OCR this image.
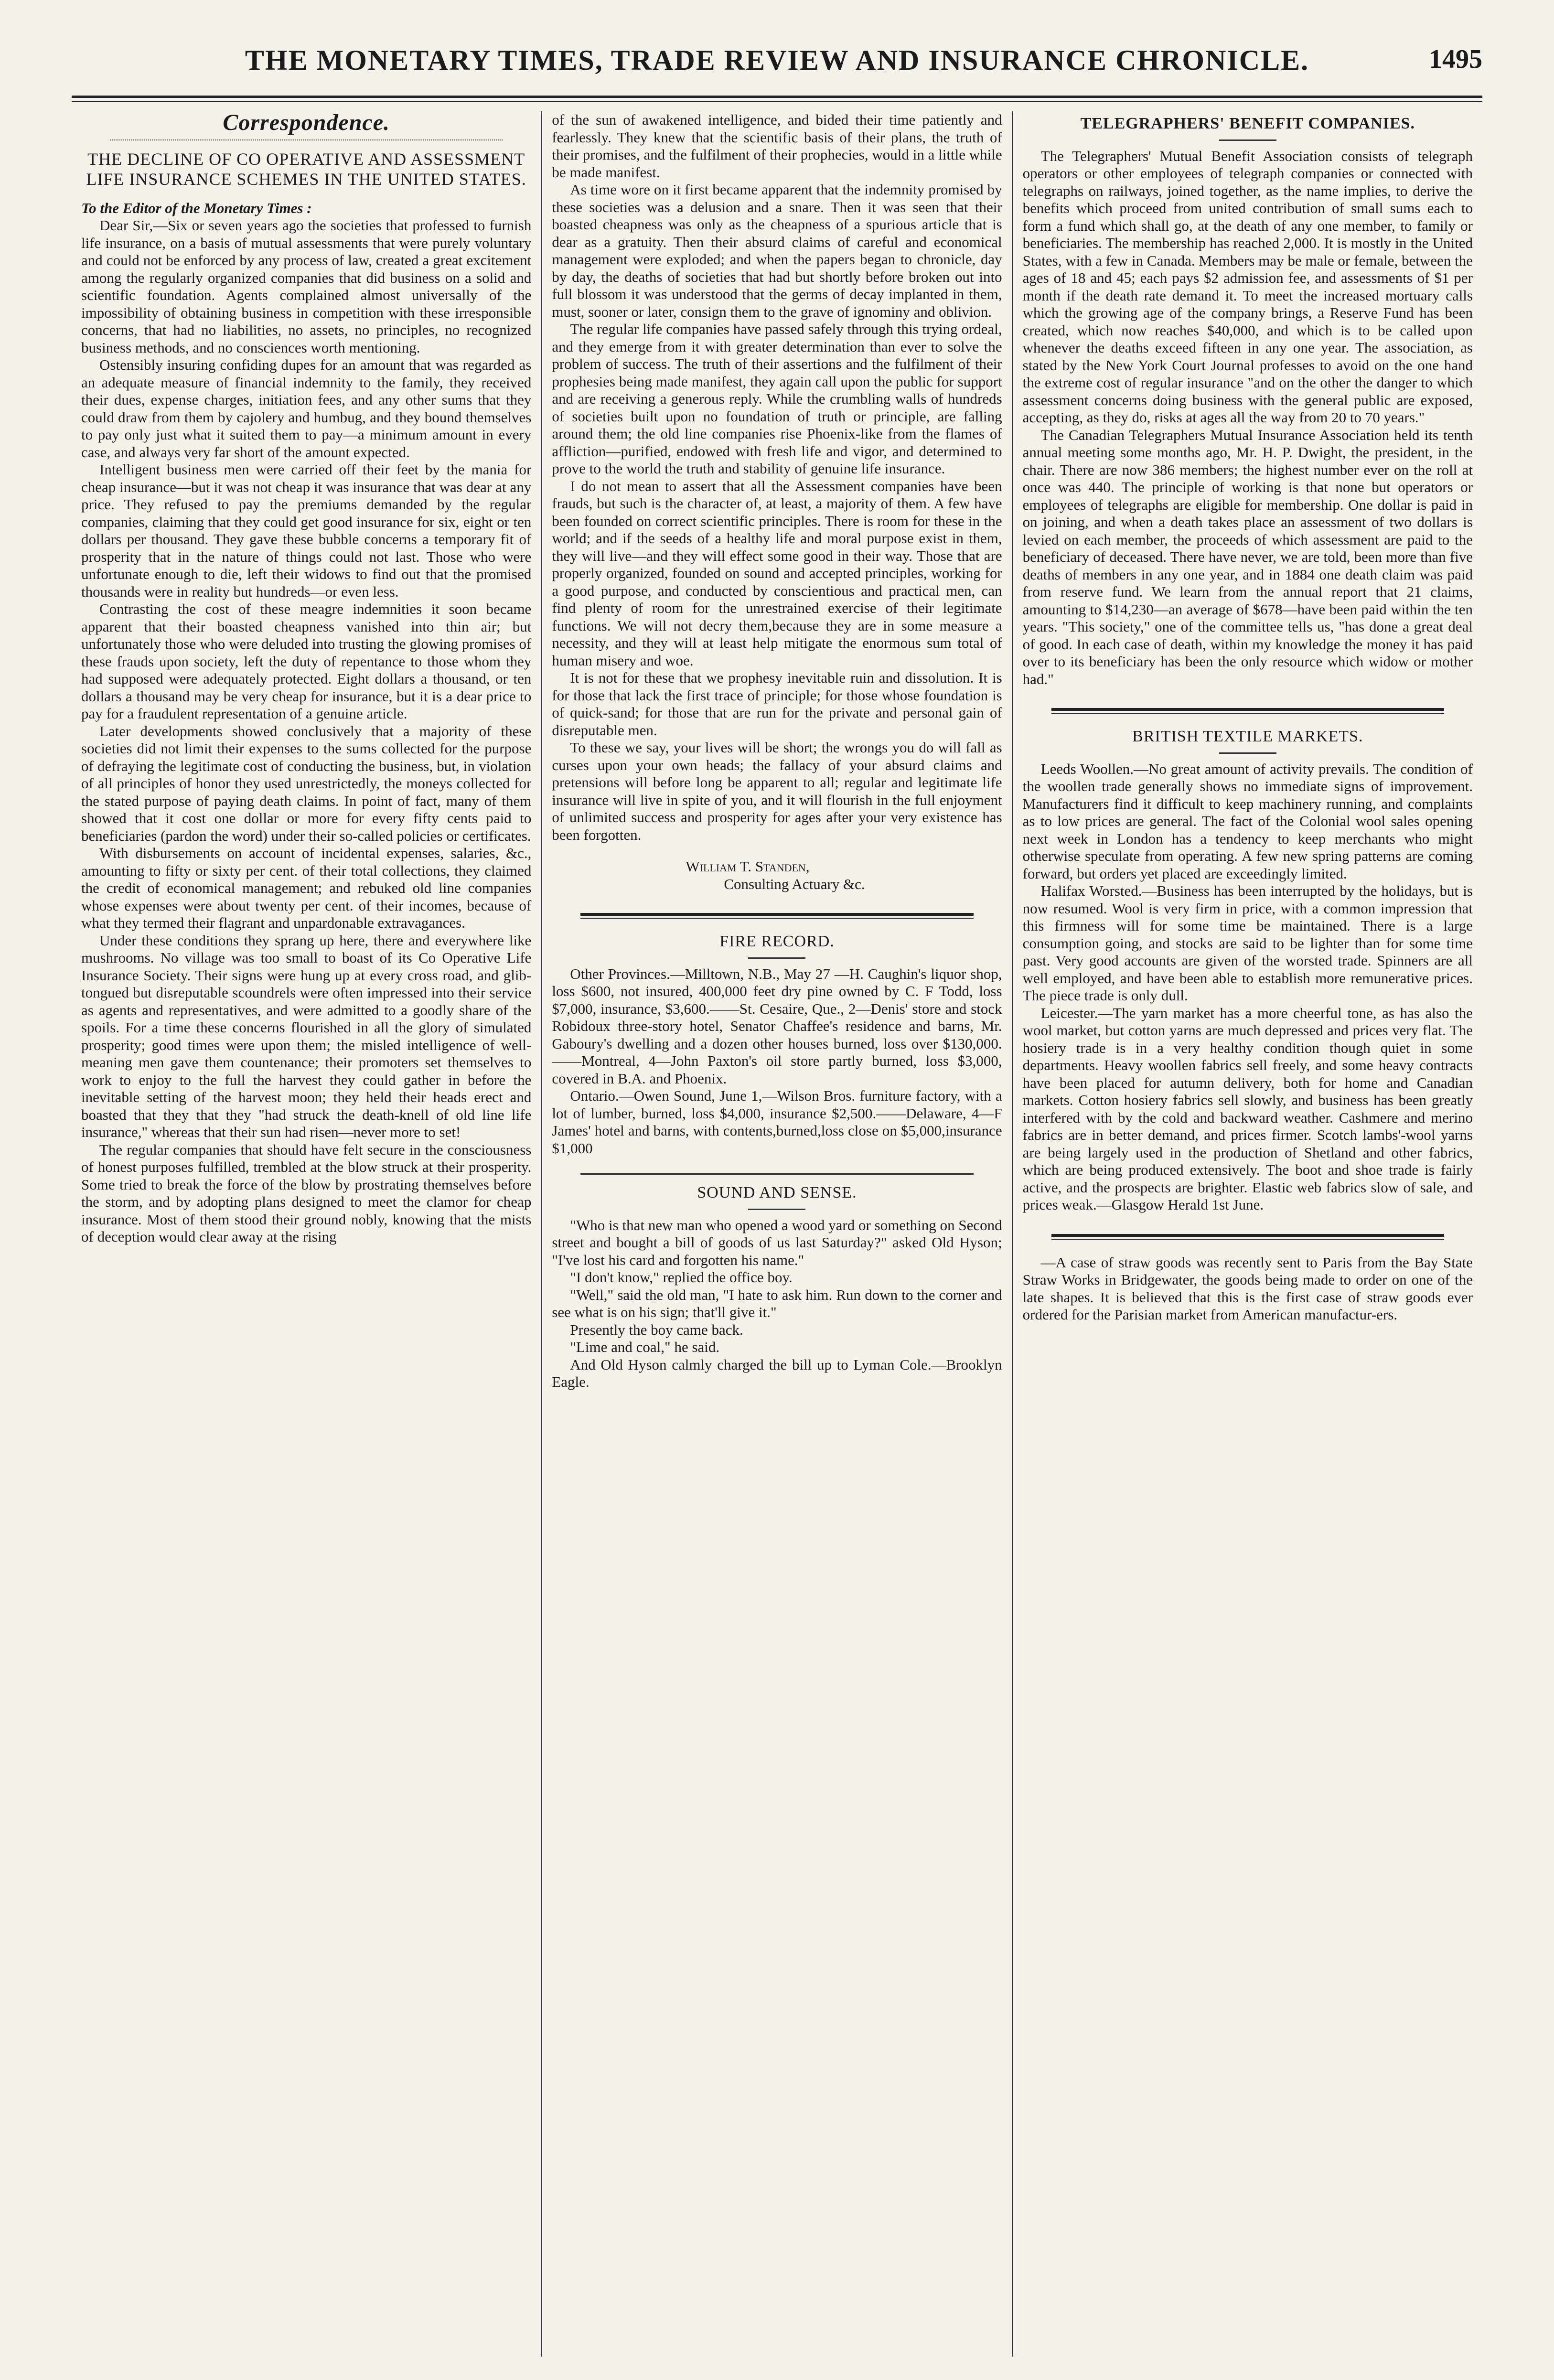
THE MONETARY TIMES, TRADE REVIEW AND INSURANCE CHRONICLE.	1495
Correspondence.
THE DECLINE OF CO OPERATIVE AND ASSESSMENT LIFE INSURANCE SCHEMES IN THE UNITED STATES.

To the Editor of the Monetary Times :

Dear Sir,—Six or seven years ago the societies that professed to furnish life insurance, on a basis of mutual assessments that were purely voluntary and could not be enforced by any process of law, created a great excitement among the regularly organized companies that did business on a solid and scientific foundation. Agents complained almost universally of the impossibility of obtaining business in competition with these irresponsible concerns, that had no liabilities, no assets, no principles, no recognized business methods, and no consciences worth mentioning.

Ostensibly insuring confiding dupes for an amount that was regarded as an adequate measure of financial indemnity to the family, they received their dues, expense charges, initiation fees, and any other sums that they could draw from them by cajolery and humbug, and they bound themselves to pay only just what it suited them to pay—a minimum amount in every case, and always very far short of the amount expected.

Intelligent business men were carried off their feet by the mania for cheap insurance—but it was not cheap it was insurance that was dear at any price. They refused to pay the premiums demanded by the regular companies, claiming that they could get good insurance for six, eight or ten dollars per thousand. They gave these bubble concerns a temporary fit of prosperity that in the nature of things could not last. Those who were unfortunate enough to die, left their widows to find out that the promised thousands were in reality but hundreds—or even less.

Contrasting the cost of these meagre indemnities it soon became apparent that their boasted cheapness vanished into thin air; but unfortunately those who were deluded into trusting the glowing promises of these frauds upon society, left the duty of repentance to those whom they had supposed were adequately protected. Eight dollars a thousand, or ten dollars a thousand may be very cheap for insurance, but it is a dear price to pay for a fraudulent representation of a genuine article.

Later developments showed conclusively that a majority of these societies did not limit their expenses to the sums collected for the purpose of defraying the legitimate cost of conducting the business, but, in violation of all principles of honor they used unrestrictedly, the moneys collected for the stated purpose of paying death claims. In point of fact, many of them showed that it cost one dollar or more for every fifty cents paid to beneficiaries (pardon the word) under their so-called policies or certificates.

With disbursements on account of incidental expenses, salaries, &c., amounting to fifty or sixty per cent. of their total collections, they claimed the credit of economical management; and rebuked old line companies whose expenses were about twenty per cent. of their incomes, because of what they termed their flagrant and unpardonable extravagances.

Under these conditions they sprang up here, there and everywhere like mushrooms. No village was too small to boast of its Co Operative Life Insurance Society. Their signs were hung up at every cross road, and glib-tongued but disreputable scoundrels were often impressed into their service as agents and representatives, and were admitted to a goodly share of the spoils. For a time these concerns flourished in all the glory of simulated prosperity; good times were upon them; the misled intelligence of well-meaning men gave them countenance; their promoters set themselves to work to enjoy to the full the harvest they could gather in before the inevitable setting of the harvest moon; they held their heads erect and boasted that they that they "had struck the death-knell of old line life insurance," whereas that their sun had risen—never more to set!

The regular companies that should have felt secure in the consciousness of honest purposes fulfilled, trembled at the blow struck at their prosperity. Some tried to break the force of the blow by prostrating themselves before the storm, and by adopting plans designed to meet the clamor for cheap insurance. Most of them stood their ground nobly, knowing that the mists of deception would clear away at the rising

of the sun of awakened intelligence, and bided their time patiently and fearlessly. They knew that the scientific basis of their plans, the truth of their promises, and the fulfilment of their prophecies, would in a little while be made manifest.

As time wore on it first became apparent that the indemnity promised by these societies was a delusion and a snare. Then it was seen that their boasted cheapness was only as the cheapness of a spurious article that is dear as a gratuity. Then their absurd claims of careful and economical management were exploded; and when the papers began to chronicle, day by day, the deaths of societies that had but shortly before broken out into full blossom it was understood that the germs of decay implanted in them, must, sooner or later, consign them to the grave of ignominy and oblivion.

The regular life companies have passed safely through this trying ordeal, and they emerge from it with greater determination than ever to solve the problem of success. The truth of their assertions and the fulfilment of their prophesies being made manifest, they again call upon the public for support and are receiving a generous reply. While the crumbling walls of hundreds of societies built upon no foundation of truth or principle, are falling around them; the old line companies rise Phoenix-like from the flames of affliction—purified, endowed with fresh life and vigor, and determined to prove to the world the truth and stability of genuine life insurance.

I do not mean to assert that all the Assessment companies have been frauds, but such is the character of, at least, a majority of them. A few have been founded on correct scientific principles. There is room for these in the world; and if the seeds of a healthy life and moral purpose exist in them, they will live—and they will effect some good in their way. Those that are properly organized, founded on sound and accepted principles, working for a good purpose, and conducted by conscientious and practical men, can find plenty of room for the unrestrained exercise of their legitimate functions. We will not decry them,because they are in some measure a necessity, and they will at least help mitigate the enormous sum total of human misery and woe.

It is not for these that we prophesy inevitable ruin and dissolution. It is for those that lack the first trace of principle; for those whose foundation is of quick-sand; for those that are run for the private and personal gain of disreputable men.

To these we say, your lives will be short; the wrongs you do will fall as curses upon your own heads; the fallacy of your absurd claims and pretensions will before long be apparent to all; regular and legitimate life insurance will live in spite of you, and it will flourish in the full enjoyment of unlimited success and prosperity for ages after your very existence has been forgotten.

William T. Standen,

Consulting Actuary &c.

FIRE RECORD.

Other Provinces.—Milltown, N.B., May 27 —H. Caughin's liquor shop, loss $600, not insured, 400,000 feet dry pine owned by C. F Todd, loss $7,000, insurance, $3,600.——St. Cesaire, Que., 2—Denis' store and stock Robidoux three-story hotel, Senator Chaffee's residence and barns, Mr. Gaboury's dwelling and a dozen other houses burned, loss over $130,000. ——Montreal, 4—John Paxton's oil store partly burned, loss $3,000, covered in B.A. and Phoenix.

Ontario.—Owen Sound, June 1,—Wilson Bros. furniture factory, with a lot of lumber, burned, loss $4,000, insurance $2,500.——Delaware, 4—F James' hotel and barns, with contents,burned,loss close on $5,000,insurance $1,000

SOUND AND SENSE.

"Who is that new man who opened a wood yard or something on Second street and bought a bill of goods of us last Saturday?" asked Old Hyson; "I've lost his card and forgotten his name."

"I don't know," replied the office boy.

"Well," said the old man, "I hate to ask him. Run down to the corner and see what is on his sign; that'll give it."

Presently the boy came back.

"Lime and coal," he said.

And Old Hyson calmly charged the bill up to Lyman Cole.—Brooklyn Eagle.

TELEGRAPHERS' BENEFIT COMPANIES.

The Telegraphers' Mutual Benefit Association consists of telegraph operators or other employees of telegraph companies or connected with telegraphs on railways, joined together, as the name implies, to derive the benefits which proceed from united contribution of small sums each to form a fund which shall go, at the death of any one member, to family or beneficiaries. The membership has reached 2,000. It is mostly in the United States, with a few in Canada. Members may be male or female, between the ages of 18 and 45; each pays $2 admission fee, and assessments of $1 per month if the death rate demand it. To meet the increased mortuary calls which the growing age of the company brings, a Reserve Fund has been created, which now reaches $40,000, and which is to be called upon whenever the deaths exceed fifteen in any one year. The association, as stated by the New York Court Journal professes to avoid on the one hand the extreme cost of regular insurance "and on the other the danger to which assessment concerns doing business with the general public are exposed, accepting, as they do, risks at ages all the way from 20 to 70 years."

The Canadian Telegraphers Mutual Insurance Association held its tenth annual meeting some months ago, Mr. H. P. Dwight, the president, in the chair. There are now 386 members; the highest number ever on the roll at once was 440. The principle of working is that none but operators or employees of telegraphs are eligible for membership. One dollar is paid in on joining, and when a death takes place an assessment of two dollars is levied on each member, the proceeds of which assessment are paid to the beneficiary of deceased. There have never, we are told, been more than five deaths of members in any one year, and in 1884 one death claim was paid from reserve fund. We learn from the annual report that 21 claims, amounting to $14,230—an average of $678—have been paid within the ten years. "This society," one of the committee tells us, "has done a great deal of good. In each case of death, within my knowledge the money it has paid over to its beneficiary has been the only resource which widow or mother had."

BRITISH TEXTILE MARKETS.

Leeds Woollen.—No great amount of activity prevails. The condition of the woollen trade generally shows no immediate signs of improvement. Manufacturers find it difficult to keep machinery running, and complaints as to low prices are general. The fact of the Colonial wool sales opening next week in London has a tendency to keep merchants who might otherwise speculate from operating. A few new spring patterns are coming forward, but orders yet placed are exceedingly limited.

Halifax Worsted.—Business has been interrupted by the holidays, but is now resumed. Wool is very firm in price, with a common impression that this firmness will for some time be maintained. There is a large consumption going, and stocks are said to be lighter than for some time past. Very good accounts are given of the worsted trade. Spinners are all well employed, and have been able to establish more remunerative prices. The piece trade is only dull.

Leicester.—The yarn market has a more cheerful tone, as has also the wool market, but cotton yarns are much depressed and prices very flat. The hosiery trade is in a very healthy condition though quiet in some departments. Heavy woollen fabrics sell freely, and some heavy contracts have been placed for autumn delivery, both for home and Canadian markets. Cotton hosiery fabrics sell slowly, and business has been greatly interfered with by the cold and backward weather. Cashmere and merino fabrics are in better demand, and prices firmer. Scotch lambs'-wool yarns are being largely used in the production of Shetland and other fabrics, which are being produced extensively. The boot and shoe trade is fairly active, and the prospects are brighter. Elastic web fabrics slow of sale, and prices weak.—Glasgow Herald 1st June.

—A case of straw goods was recently sent to Paris from the Bay State Straw Works in Bridgewater, the goods being made to order on one of the late shapes. It is believed that this is the first case of straw goods ever ordered for the Parisian market from American manufactur-ers.
